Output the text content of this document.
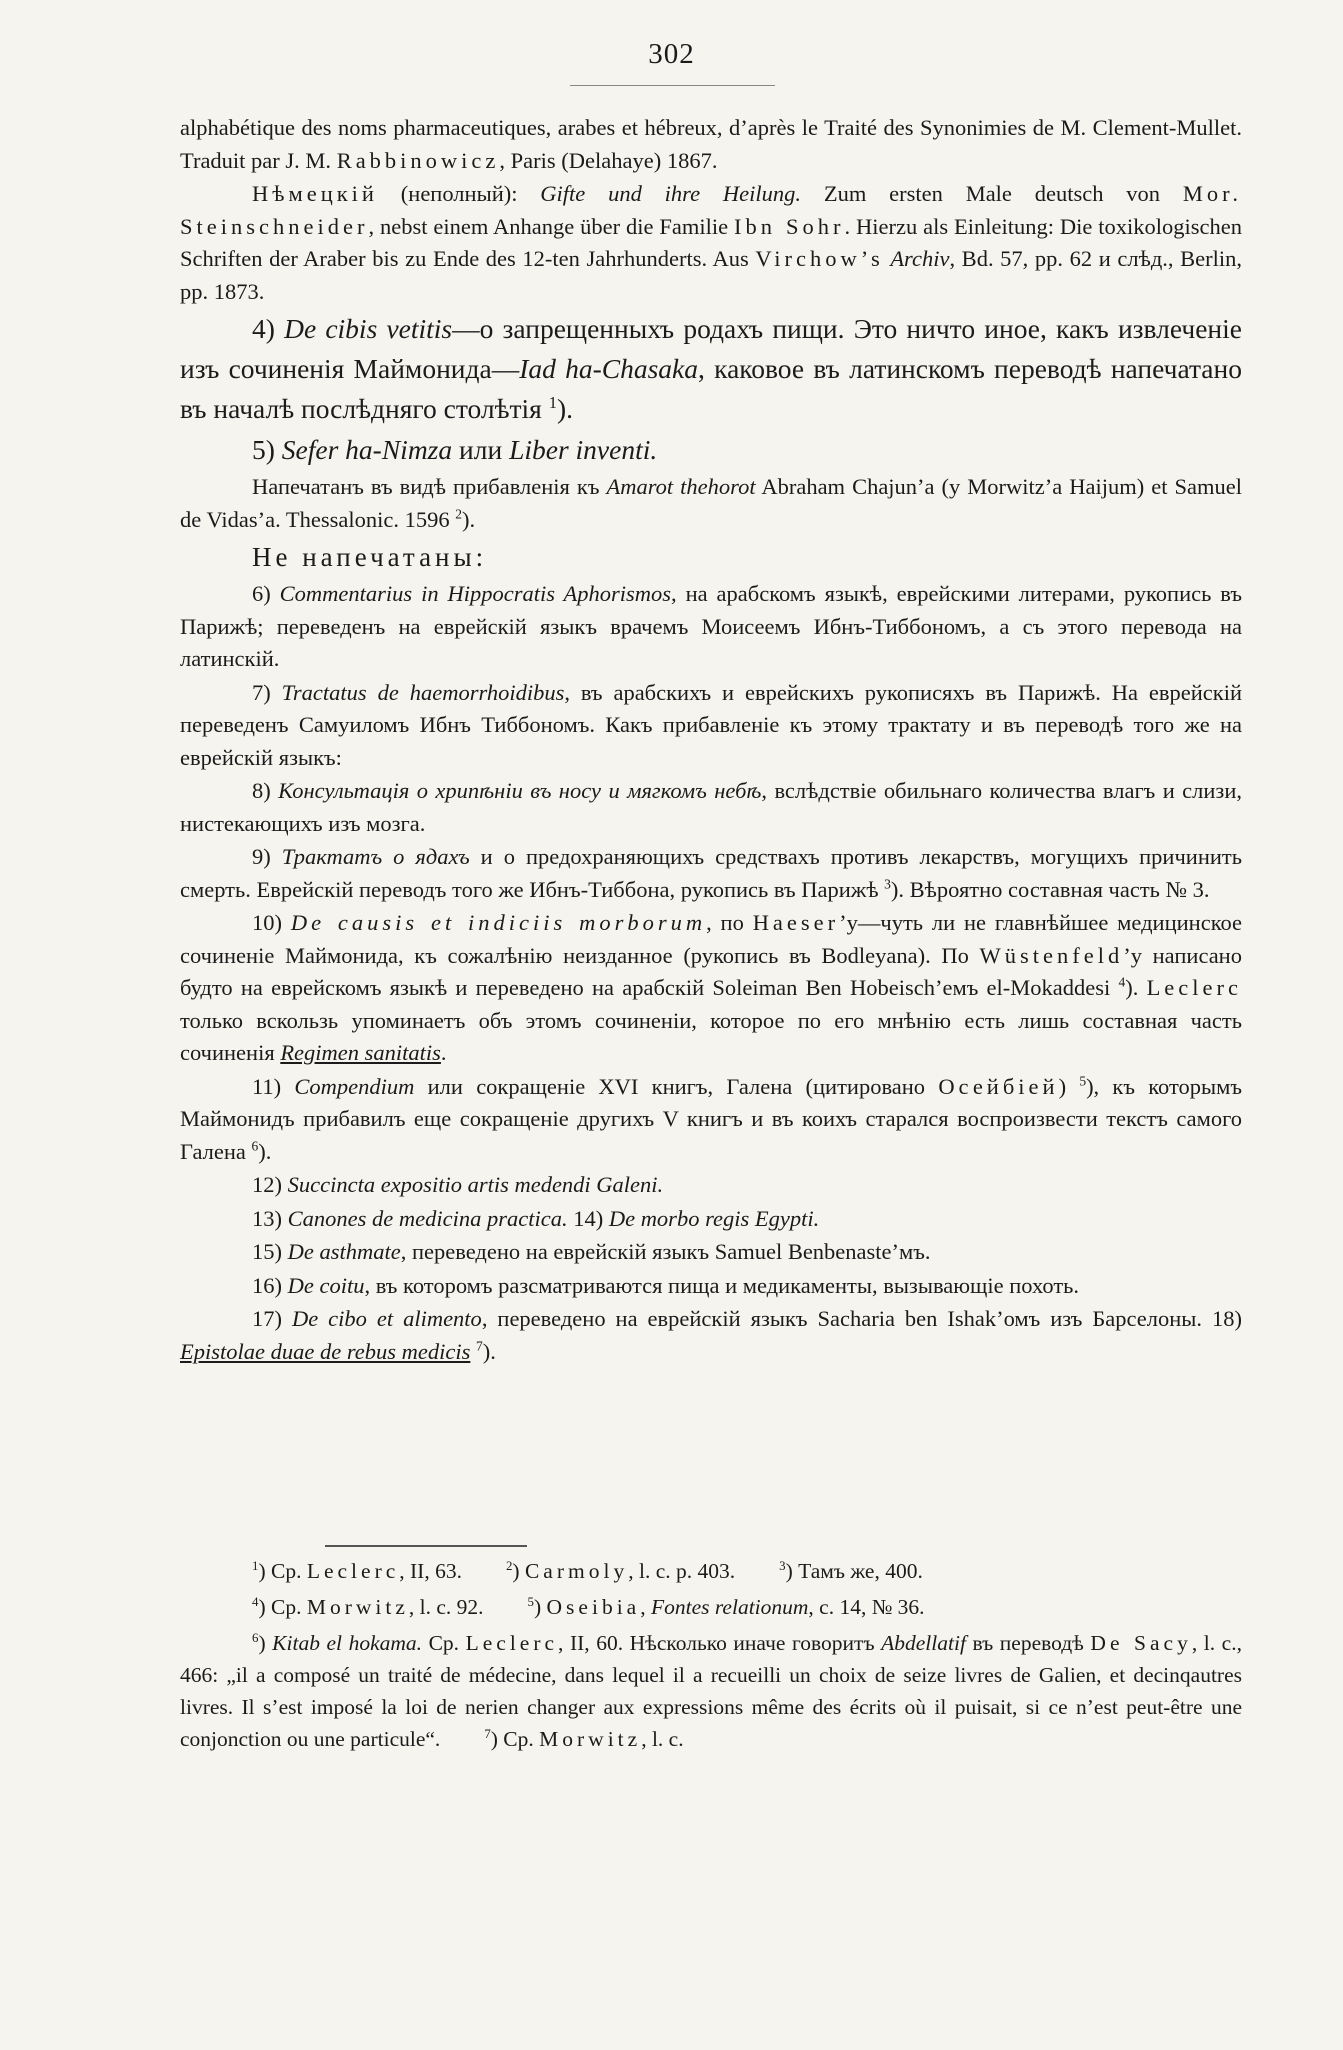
302

alphabétique des noms pharmaceutiques, arabes et hébreux, d’après le Traité des Synonimies de M. Clement-Mullet. Traduit par J. M. Rabbinowicz, Paris (Delahaye) 1867.

Нѣмецкій (неполный): Gifte und ihre Heilung. Zum ersten Male deutsch von Mor. Steinschneider, nebst einem Anhange über die Familie Ibn Sohr. Hierzu als Einleitung: Die toxikologischen Schriften der Araber bis zu Ende des 12-ten Jahrhunderts. Aus Virchow’s Archiv, Bd. 57, pp. 62 и слѣд., Berlin, pp. 1873.

4) De cibis vetitis—о запрещенныхъ родахъ пищи. Это ничто иное, какъ извлеченіе изъ сочиненія Маймонида—Iad ha-Chasaka, каковое въ латинскомъ переводѣ напечатано въ началѣ послѣдняго столѣтія $^1$).

5) Sefer ha-Nimza или Liber inventi.

Напечатанъ въ видѣ прибавленія къ Amarot thehorot Abraham Chajun’a (у Morwitz’a Haijum) et Samuel de Vidas’a. Thessalonic. 1596 $^2$).

Не напечатаны:

6) Commentarius in Hippocratis Aphorismos, на арабскомъ языкѣ, еврейскими литерами, рукопись въ Парижѣ; переведенъ на еврейскій языкъ врачемъ Моисеемъ Ибнъ-Тиббономъ, а съ этого перевода на латинскій.

7) Tractatus de haemorrhoidibus, въ арабскихъ и еврейскихъ рукописяхъ въ Парижѣ. На еврейскій переведенъ Самуиломъ Ибнъ Тиббономъ. Какъ прибавленіе къ этому трактату и въ переводѣ того же на еврейскій языкъ:

8) Консультація о хрипѣніи въ носу и мягкомъ небѣ, вслѣдствіе обильнаго количества влагъ и слизи, нистекающихъ изъ мозга.

9) Трактатъ о ядахъ и о предохраняющихъ средствахъ противъ лекарствъ, могущихъ причинить смерть. Еврейскій переводъ того же Ибнъ-Тиббона, рукопись въ Парижѣ $^3$). Вѣроятно составная часть № 3.

10) De causis et indiciis morborum, по Haeser’у—чуть ли не главнѣйшее медицинское сочиненіе Маймонида, къ сожалѣнію неизданное (рукопись въ Bodleyana). По Wüstenfeld’у написано будто на еврейскомъ языкѣ и переведено на арабскій Soleiman Ben Hobeisch’емъ el-Mokaddesi $^4$). Leclerc только вскользь упоминаетъ объ этомъ сочиненіи, которое по его мнѣнію есть лишь составная часть сочиненія Regimen sanitatis.

11) Compendium или сокращеніе XVI книгъ, Галена (цитировано Осейбіей) $^5$), къ которымъ Маймонидъ прибавилъ еще сокращеніе другихъ V книгъ и въ коихъ старался воспроизвести текстъ самого Галена $^6$).

12) Succincta expositio artis medendi Galeni.

13) Canones de medicina practica. 14) De morbo regis Egypti.

15) De asthmate, переведено на еврейскій языкъ Samuel Benbenaste’мъ.

16) De coitu, въ которомъ разсматриваются пища и медикаменты, вызывающіе похоть.

17) De cibo et alimento, переведено на еврейскій языкъ Sacharia ben Ishak’омъ изъ Барселоны. 18) Epistolae duae de rebus medicis $^7$).

$^1$) Ср. Leclerc, II, 63.	$^2$) Carmoly, l. c. p. 403.	$^3$) Тамъ же, 400.

$^4$) Ср. Morwitz, l. c. 92.	$^5$) Oseibia, Fontes relationum, c. 14, № 36.

$^6$) Kitab el hokama. Ср. Leclerc, II, 60. Нѣсколько иначе говоритъ Abdellatif въ переводѣ De Sacy, l. c., 466: „il a composé un traité de médecine, dans lequel il a recueilli un choix de seize livres de Galien, et decinqautres livres. Il s’est imposé la loi de nerien changer aux expressions même des écrits où il puisait, si ce n’est peut-être une conjonction ou une particule“.	$^7$) Ср. Morwitz, l. c.
